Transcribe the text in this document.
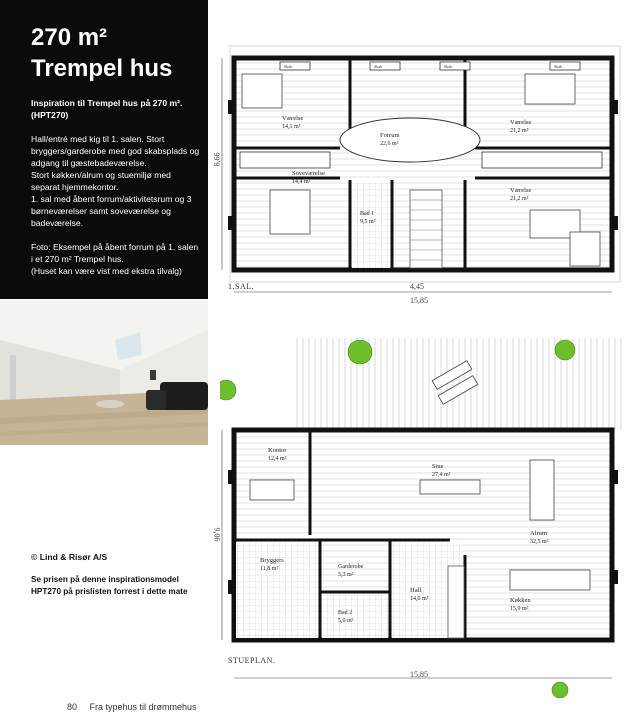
270 m²
Trempel hus

Inspiration til Trempel hus på 270 m².
(HPT270)

Hall/entré med kig til 1. salen. Stort bryggers/garderobe med god skabsplads og adgang til gæstebadeværelse.
Stort køkken/alrum og stuemiljø med separat hjemmekontor.
1. sal med åbent forrum/aktivitetsrum og 3 børneværelser samt soveværelse og badeværelse.

Foto: Eksempel på åbent forrum på 1. salen i et 270 m² Trempel hus.
(Huset kan være vist med ekstra tilvalg)

© Lind & Risør A/S
Se prisen på denne inspirationsmodel
HPT270 på prislisten forrest i dette mate
80 Fra typehus til drømmehus
Værelse
14,1 m²
Forrum
22,6 m²
Værelse
21,2 m²
Soveværelse
14,4 m²
Bad 1
9,5 m²
Værelse
21,2 m²
Skab	Skab	Skab	Skab
1.SAL.	4,45
15,85
6,66
Kontor
12,4 m²
Stue
27,4 m²
Alrum
32,5 m²
Bryggers
11,8 m²	Garderobe
5,3 m²
Bad 2
5,0 m²
Hall
14,0 m²	Køkken
15,9 m²
STUEPLAN.
15,85
9,06
